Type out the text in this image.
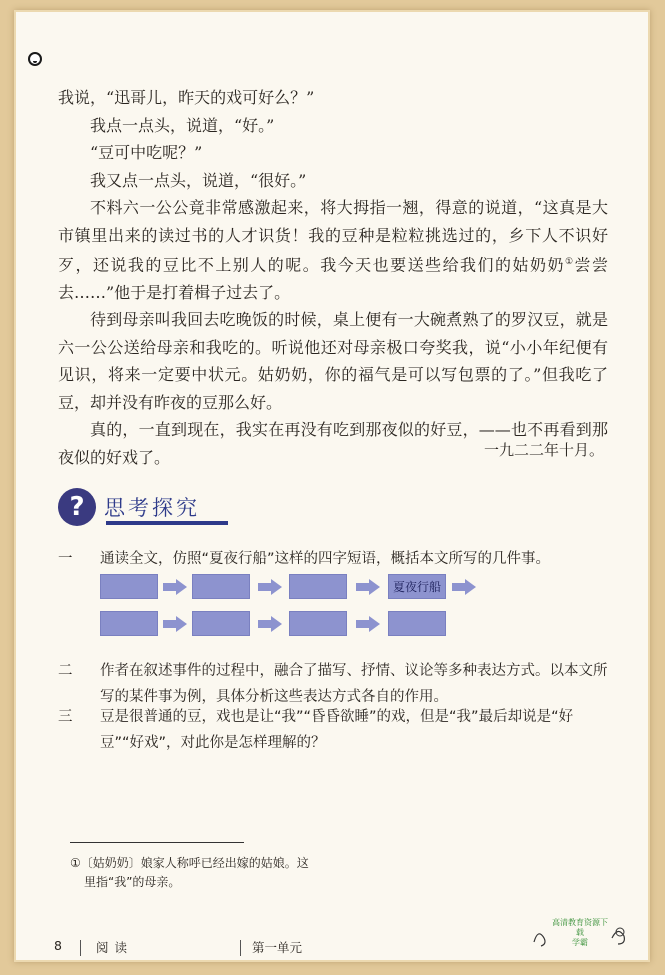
我说，“迅哥儿，昨天的戏可好么？”

我点一点头，说道，“好。”

“豆可中吃呢？”

我又点一点头，说道，“很好。”

不料六一公公竟非常感激起来，将大拇指一翘，得意的说道，“这真是大市镇里出来的读过书的人才识货！我的豆种是粒粒挑选过的，乡下人不识好歹，还说我的豆比不上别人的呢。我今天也要送些给我们的姑奶奶①尝尝去……”他于是打着楫子过去了。

待到母亲叫我回去吃晚饭的时候，桌上便有一大碗煮熟了的罗汉豆，就是六一公公送给母亲和我吃的。听说他还对母亲极口夸奖我，说“小小年纪便有见识，将来一定要中状元。姑奶奶，你的福气是可以写包票的了。”但我吃了豆，却并没有昨夜的豆那么好。

真的，一直到现在，我实在再没有吃到那夜似的好豆，——也不再看到那夜似的好戏了。	一九二二年十月。
? 思考探究
一 通读全文，仿照“夏夜行船”这样的四字短语，概括本文所写的几件事。
夏夜行船
二 作者在叙述事件的过程中，融合了描写、抒情、议论等多种表达方式。以本文所写的某件事为例，具体分析这些表达方式各自的作用。
三 豆是很普通的豆，戏也是让“我”“昏昏欲睡”的戏，但是“我”最后却说是“好豆”“好戏”，对此你是怎样理解的？
①〔姑奶奶〕娘家人称呼已经出嫁的姑娘。这
里指“我”的母亲。
8	阅读	第一单元
高清教育资源下载
学霸
